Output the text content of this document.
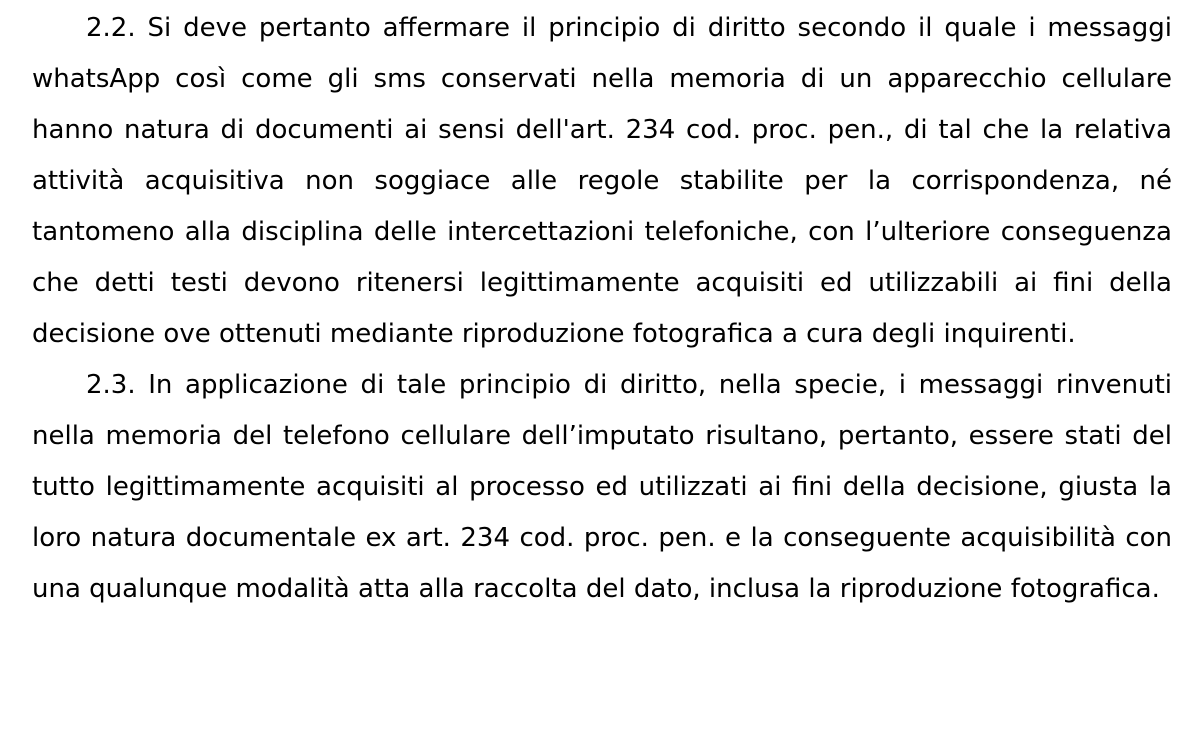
2.2. Si deve pertanto affermare il principio di diritto secondo il quale i messaggi whatsApp così come gli sms conservati nella memoria di un apparecchio cellulare hanno natura di documenti ai sensi dell'art. 234 cod. proc. pen., di tal che la relativa attività acquisitiva non soggiace alle regole stabilite per la corrispondenza, né tantomeno alla disciplina delle intercettazioni telefoniche, con l’ulteriore conseguenza che detti testi devono ritenersi legittimamente acquisiti ed utilizzabili ai fini della decisione ove ottenuti mediante riproduzione fotografica a cura degli inquirenti.

2.3. In applicazione di tale principio di diritto, nella specie, i messaggi rinvenuti nella memoria del telefono cellulare dell’imputato risultano, pertanto, essere stati del tutto legittimamente acquisiti al processo ed utilizzati ai fini della decisione, giusta la loro natura documentale ex art. 234 cod. proc. pen. e la conseguente acquisibilità con una qualunque modalità atta alla raccolta del dato, inclusa la riproduzione fotografica.
